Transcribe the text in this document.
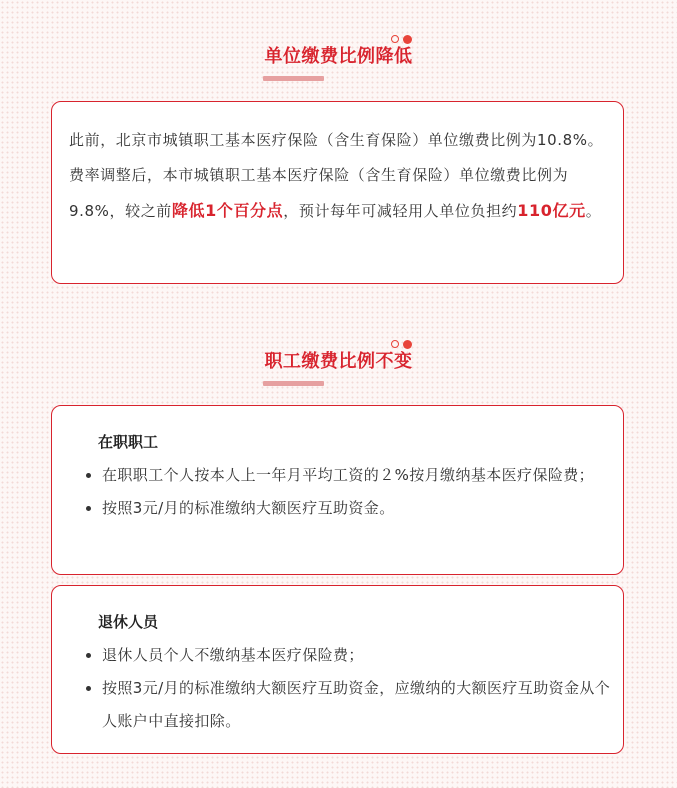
单位缴费比例降低

此前，北京市城镇职工基本医疗保险（含生育保险）单位缴费比例为10.8%。费率调整后，本市城镇职工基本医疗保险（含生育保险）单位缴费比例为9.8%，较之前降低1个百分点，预计每年可减轻用人单位负担约110亿元。

职工缴费比例不变
在职职工
在职职工个人按本人上一年月平均工资的２%按月缴纳基本医疗保险费；
按照3元/月的标准缴纳大额医疗互助资金。
退休人员
退休人员个人不缴纳基本医疗保险费；
按照3元/月的标准缴纳大额医疗互助资金，应缴纳的大额医疗互助资金从个人账户中直接扣除。
